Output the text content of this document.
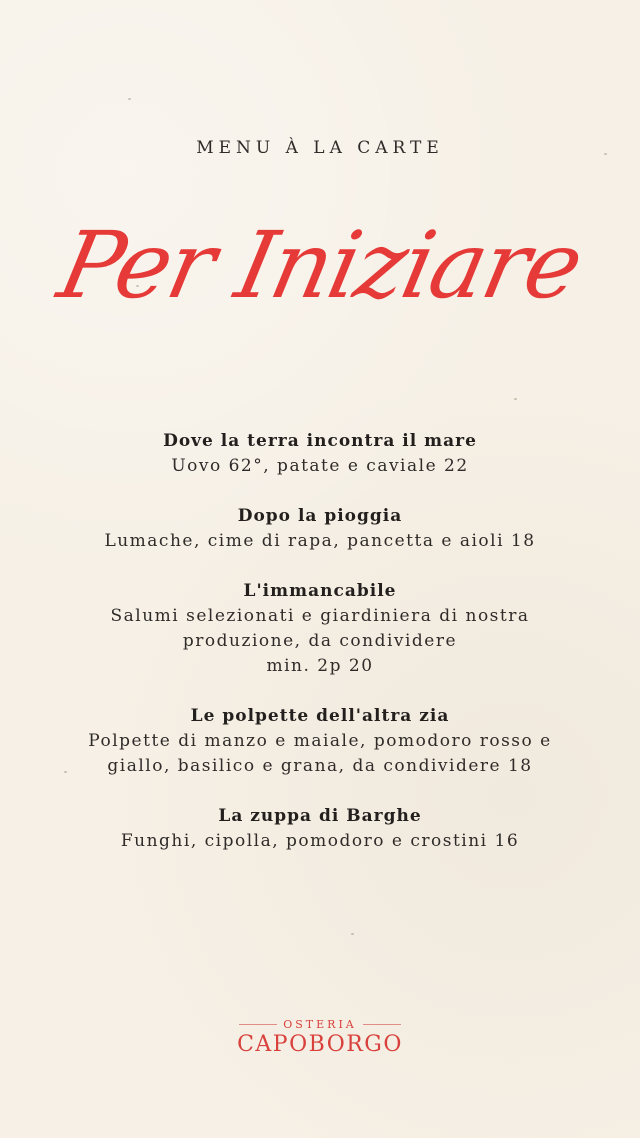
MENU À LA CARTE
Per Iniziare
Dove la terra incontra il mare
Uovo 62°, patate e caviale 22
Dopo la pioggia
Lumache, cime di rapa, pancetta e aioli 18
L'immancabile
Salumi selezionati e giardiniera di nostra
produzione, da condividere
min. 2p 20
Le polpette dell'altra zia
Polpette di manzo e maiale, pomodoro rosso e
giallo, basilico e grana, da condividere 18
La zuppa di Barghe
Funghi, cipolla, pomodoro e crostini 16
OSTERIA
CAPOBORGO
